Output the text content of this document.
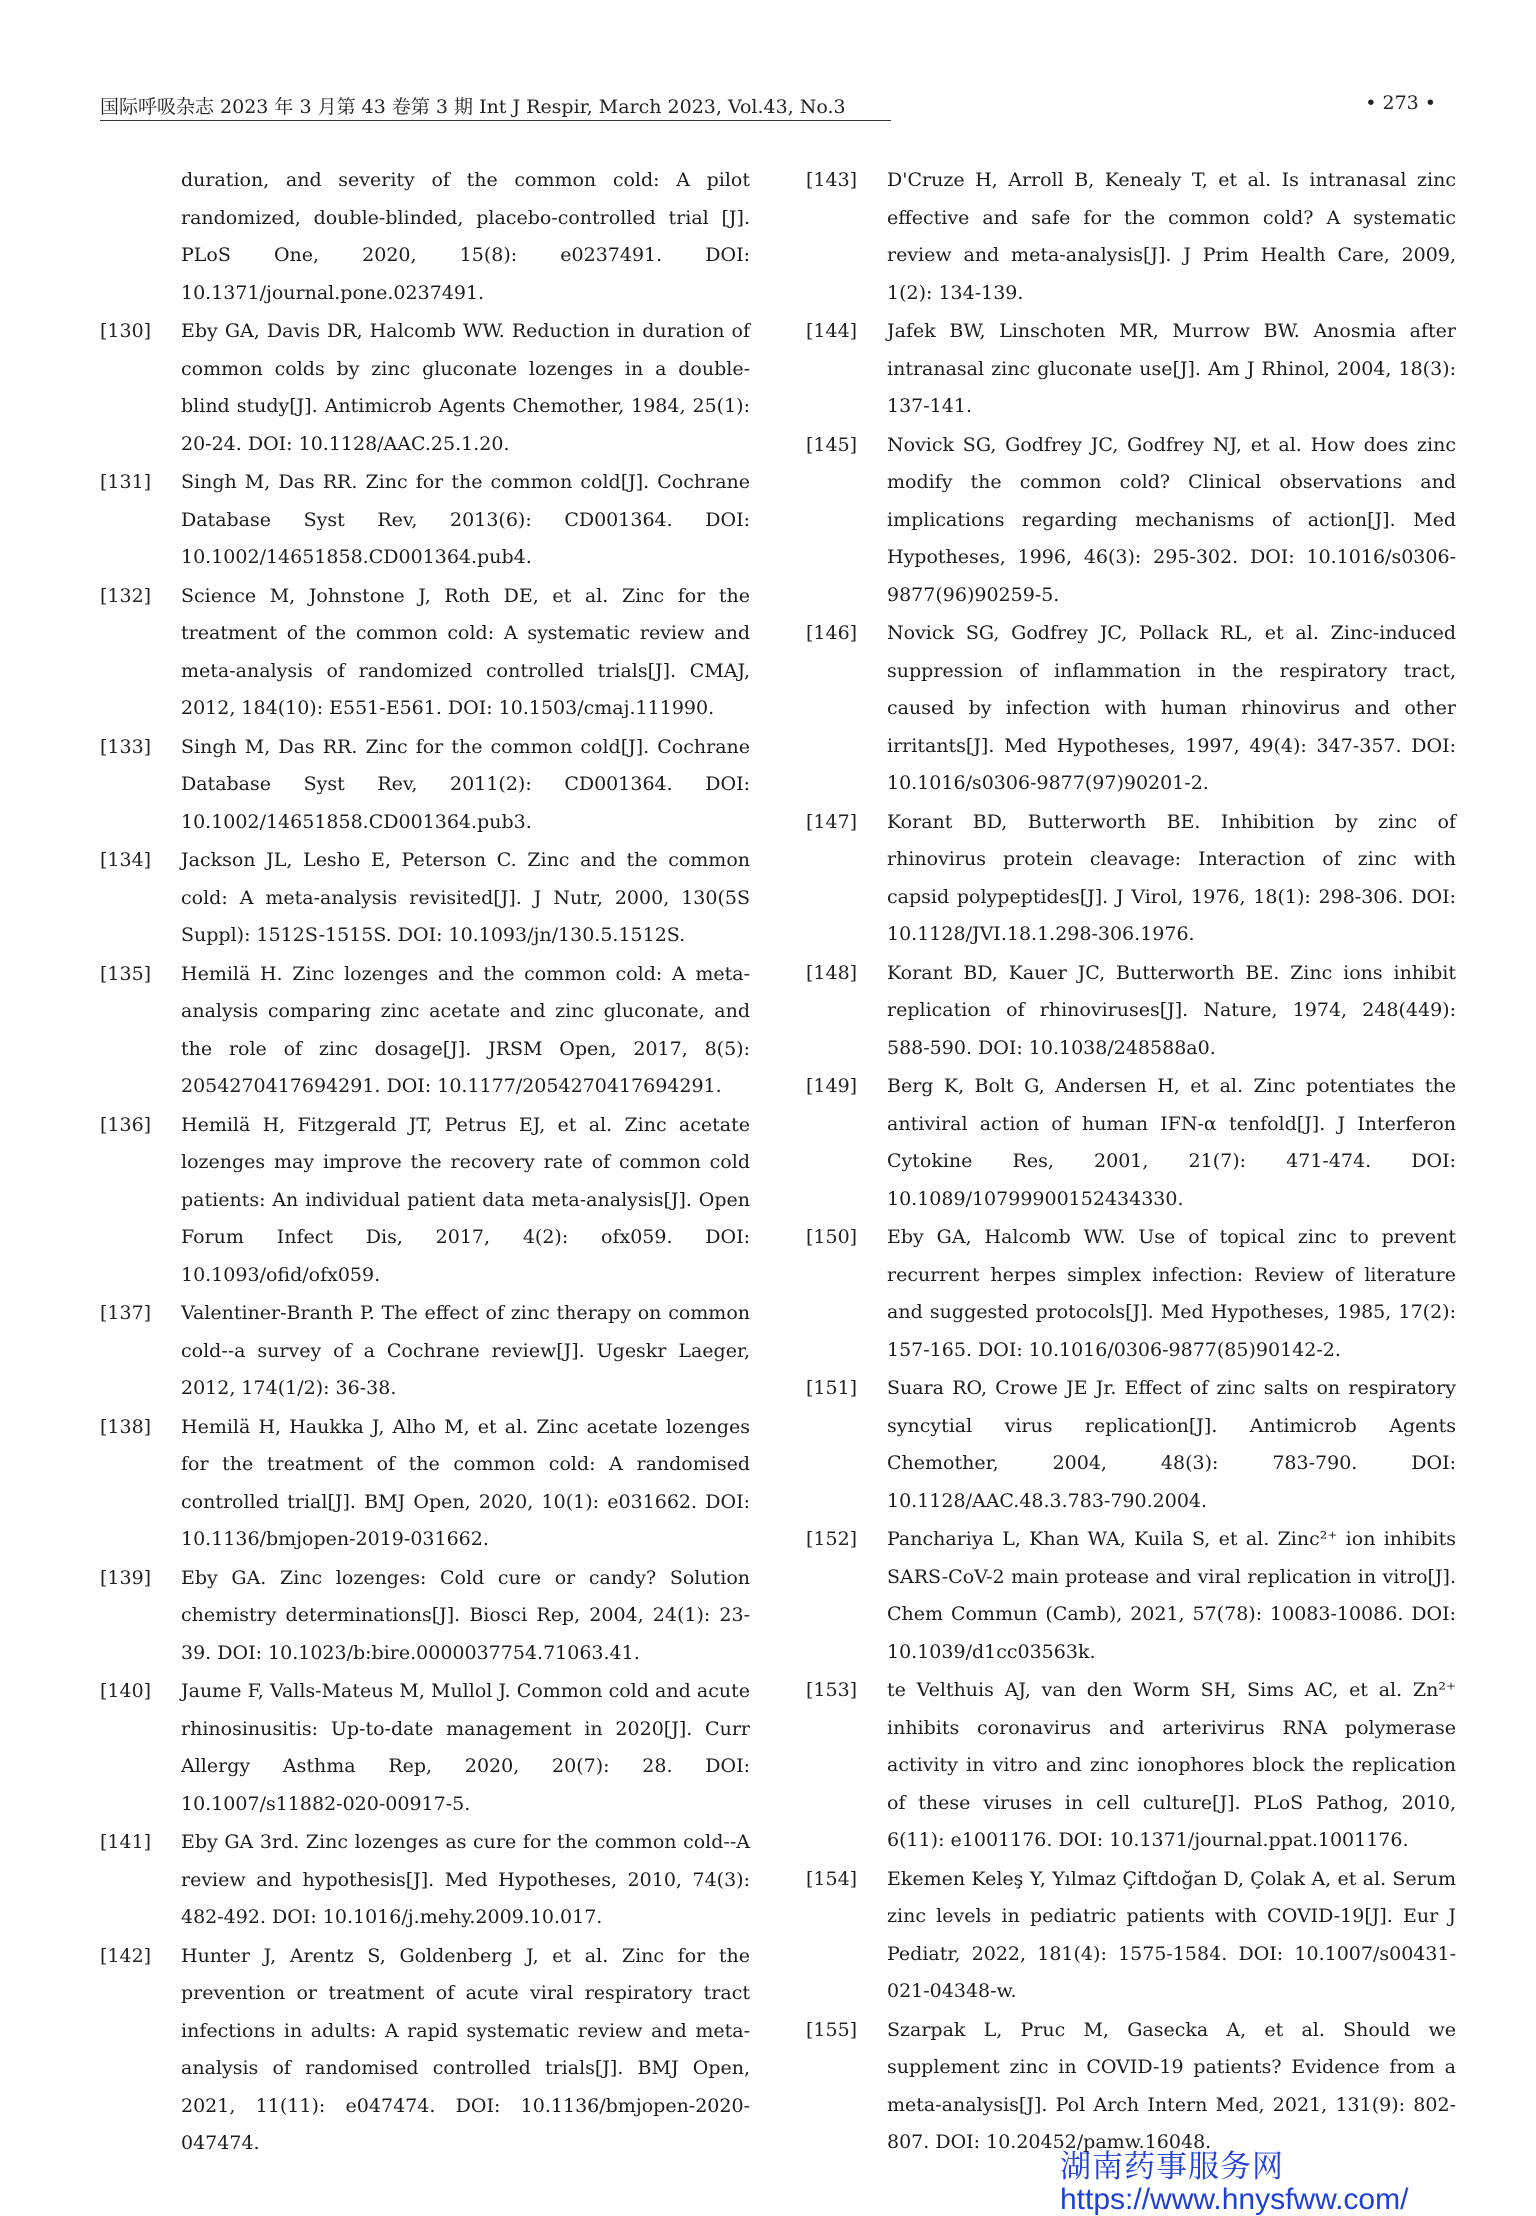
国际呼吸杂志 2023 年 3 月第 43 卷第 3 期 Int J Respir, March 2023, Vol.43, No.3	• 273 •
duration, and severity of the common cold: A pilot randomized, double-blinded, placebo-controlled trial [J]. PLoS One, 2020, 15(8): e0237491. DOI: 10.1371/journal.pone.0237491.
[130]	Eby GA, Davis DR, Halcomb WW. Reduction in duration of common colds by zinc gluconate lozenges in a double-blind study[J]. Antimicrob Agents Chemother, 1984, 25(1): 20-24. DOI: 10.1128/AAC.25.1.20.
[131]	Singh M, Das RR. Zinc for the common cold[J]. Cochrane Database Syst Rev, 2013(6): CD001364. DOI: 10.1002/14651858.CD001364.pub4.
[132]	Science M, Johnstone J, Roth DE, et al. Zinc for the treatment of the common cold: A systematic review and meta-analysis of randomized controlled trials[J]. CMAJ, 2012, 184(10): E551-E561. DOI: 10.1503/cmaj.111990.
[133]	Singh M, Das RR. Zinc for the common cold[J]. Cochrane Database Syst Rev, 2011(2): CD001364. DOI: 10.1002/14651858.CD001364.pub3.
[134]	Jackson JL, Lesho E, Peterson C. Zinc and the common cold: A meta-analysis revisited[J]. J Nutr, 2000, 130(5S Suppl): 1512S-1515S. DOI: 10.1093/jn/130.5.1512S.
[135]	Hemilä H. Zinc lozenges and the common cold: A meta-analysis comparing zinc acetate and zinc gluconate, and the role of zinc dosage[J]. JRSM Open, 2017, 8(5): 2054270417694291. DOI: 10.1177/2054270417694291.
[136]	Hemilä H, Fitzgerald JT, Petrus EJ, et al. Zinc acetate lozenges may improve the recovery rate of common cold patients: An individual patient data meta-analysis[J]. Open Forum Infect Dis, 2017, 4(2): ofx059. DOI: 10.1093/ofid/ofx059.
[137]	Valentiner-Branth P. The effect of zinc therapy on common cold--a survey of a Cochrane review[J]. Ugeskr Laeger, 2012, 174(1/2): 36-38.
[138]	Hemilä H, Haukka J, Alho M, et al. Zinc acetate lozenges for the treatment of the common cold: A randomised controlled trial[J]. BMJ Open, 2020, 10(1): e031662. DOI: 10.1136/bmjopen-2019-031662.
[139]	Eby GA. Zinc lozenges: Cold cure or candy? Solution chemistry determinations[J]. Biosci Rep, 2004, 24(1): 23-39. DOI: 10.1023/b:bire.0000037754.71063.41.
[140]	Jaume F, Valls-Mateus M, Mullol J. Common cold and acute rhinosinusitis: Up-to-date management in 2020[J]. Curr Allergy Asthma Rep, 2020, 20(7): 28. DOI: 10.1007/s11882-020-00917-5.
[141]	Eby GA 3rd. Zinc lozenges as cure for the common cold--A review and hypothesis[J]. Med Hypotheses, 2010, 74(3): 482-492. DOI: 10.1016/j.mehy.2009.10.017.
[142]	Hunter J, Arentz S, Goldenberg J, et al. Zinc for the prevention or treatment of acute viral respiratory tract infections in adults: A rapid systematic review and meta-analysis of randomised controlled trials[J]. BMJ Open, 2021, 11(11): e047474. DOI: 10.1136/bmjopen-2020-047474.
[143]	D'Cruze H, Arroll B, Kenealy T, et al. Is intranasal zinc effective and safe for the common cold? A systematic review and meta-analysis[J]. J Prim Health Care, 2009, 1(2): 134-139.
[144]	Jafek BW, Linschoten MR, Murrow BW. Anosmia after intranasal zinc gluconate use[J]. Am J Rhinol, 2004, 18(3): 137-141.
[145]	Novick SG, Godfrey JC, Godfrey NJ, et al. How does zinc modify the common cold? Clinical observations and implications regarding mechanisms of action[J]. Med Hypotheses, 1996, 46(3): 295-302. DOI: 10.1016/s0306-9877(96)90259-5.
[146]	Novick SG, Godfrey JC, Pollack RL, et al. Zinc-induced suppression of inflammation in the respiratory tract, caused by infection with human rhinovirus and other irritants[J]. Med Hypotheses, 1997, 49(4): 347-357. DOI: 10.1016/s0306-9877(97)90201-2.
[147]	Korant BD, Butterworth BE. Inhibition by zinc of rhinovirus protein cleavage: Interaction of zinc with capsid polypeptides[J]. J Virol, 1976, 18(1): 298-306. DOI: 10.1128/JVI.18.1.298-306.1976.
[148]	Korant BD, Kauer JC, Butterworth BE. Zinc ions inhibit replication of rhinoviruses[J]. Nature, 1974, 248(449): 588-590. DOI: 10.1038/248588a0.
[149]	Berg K, Bolt G, Andersen H, et al. Zinc potentiates the antiviral action of human IFN-α tenfold[J]. J Interferon Cytokine Res, 2001, 21(7): 471-474. DOI: 10.1089/10799900152434330.
[150]	Eby GA, Halcomb WW. Use of topical zinc to prevent recurrent herpes simplex infection: Review of literature and suggested protocols[J]. Med Hypotheses, 1985, 17(2): 157-165. DOI: 10.1016/0306-9877(85)90142-2.
[151]	Suara RO, Crowe JE Jr. Effect of zinc salts on respiratory syncytial virus replication[J]. Antimicrob Agents Chemother, 2004, 48(3): 783-790. DOI: 10.1128/AAC.48.3.783-790.2004.
[152]	Panchariya L, Khan WA, Kuila S, et al. Zinc²⁺ ion inhibits SARS-CoV-2 main protease and viral replication in vitro[J]. Chem Commun (Camb), 2021, 57(78): 10083-10086. DOI: 10.1039/d1cc03563k.
[153]	te Velthuis AJ, van den Worm SH, Sims AC, et al. Zn²⁺ inhibits coronavirus and arterivirus RNA polymerase activity in vitro and zinc ionophores block the replication of these viruses in cell culture[J]. PLoS Pathog, 2010, 6(11): e1001176. DOI: 10.1371/journal.ppat.1001176.
[154]	Ekemen Keleş Y, Yılmaz Çiftdoğan D, Çolak A, et al. Serum zinc levels in pediatric patients with COVID-19[J]. Eur J Pediatr, 2022, 181(4): 1575-1584. DOI: 10.1007/s00431-021-04348-w.
[155]	Szarpak L, Pruc M, Gasecka A, et al. Should we supplement zinc in COVID-19 patients? Evidence from a meta-analysis[J]. Pol Arch Intern Med, 2021, 131(9): 802-807. DOI: 10.20452/pamw.16048.
湖南药事服务网
https://www.hnysfww.com/
